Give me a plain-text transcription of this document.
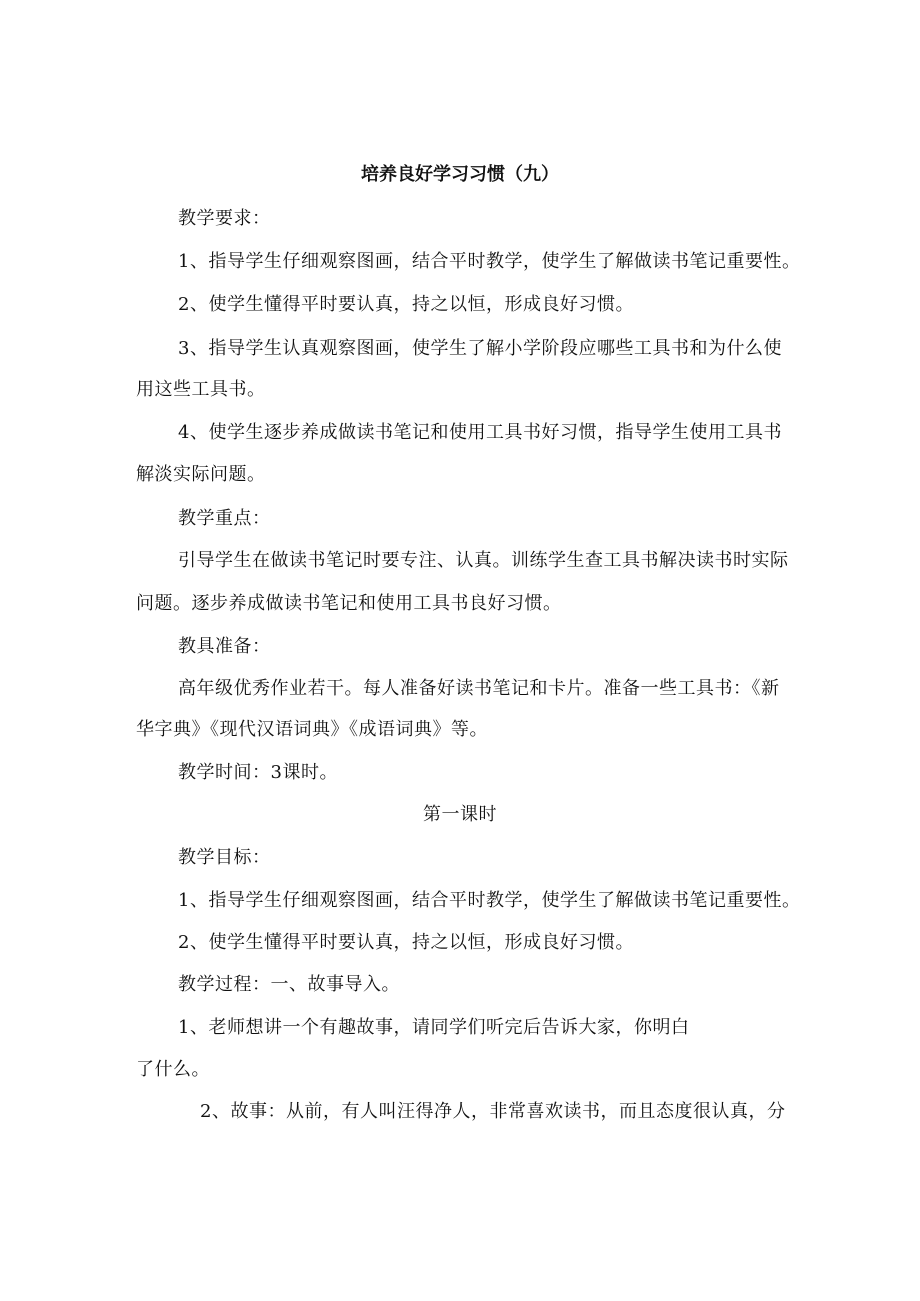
培养良好学习习惯（九）
教学要求：
1、指导学生仔细观察图画，结合平时教学，使学生了解做读书笔记重要性。
2、使学生懂得平时要认真，持之以恒，形成良好习惯。
3、指导学生认真观察图画，使学生了解小学阶段应哪些工具书和为什么使
用这些工具书。
4、使学生逐步养成做读书笔记和使用工具书好习惯，指导学生使用工具书
解淡实际问题。
教学重点：
引导学生在做读书笔记时要专注、认真。训练学生查工具书解决读书时实际
问题。逐步养成做读书笔记和使用工具书良好习惯。
教具准备：
高年级优秀作业若干。每人准备好读书笔记和卡片。准备一些工具书：《新
华字典》《现代汉语词典》《成语词典》等。
教学时间：3课时。
第一课时
教学目标：
1、指导学生仔细观察图画，结合平时教学，使学生了解做读书笔记重要性。
2、使学生懂得平时要认真，持之以恒，形成良好习惯。
教学过程：一、故事导入。
1、老师想讲一个有趣故事，请同学们听完后告诉大家，你明白
了什么。
2、故事：从前，有人叫汪得净人，非常喜欢读书，而且态度很认真，分
